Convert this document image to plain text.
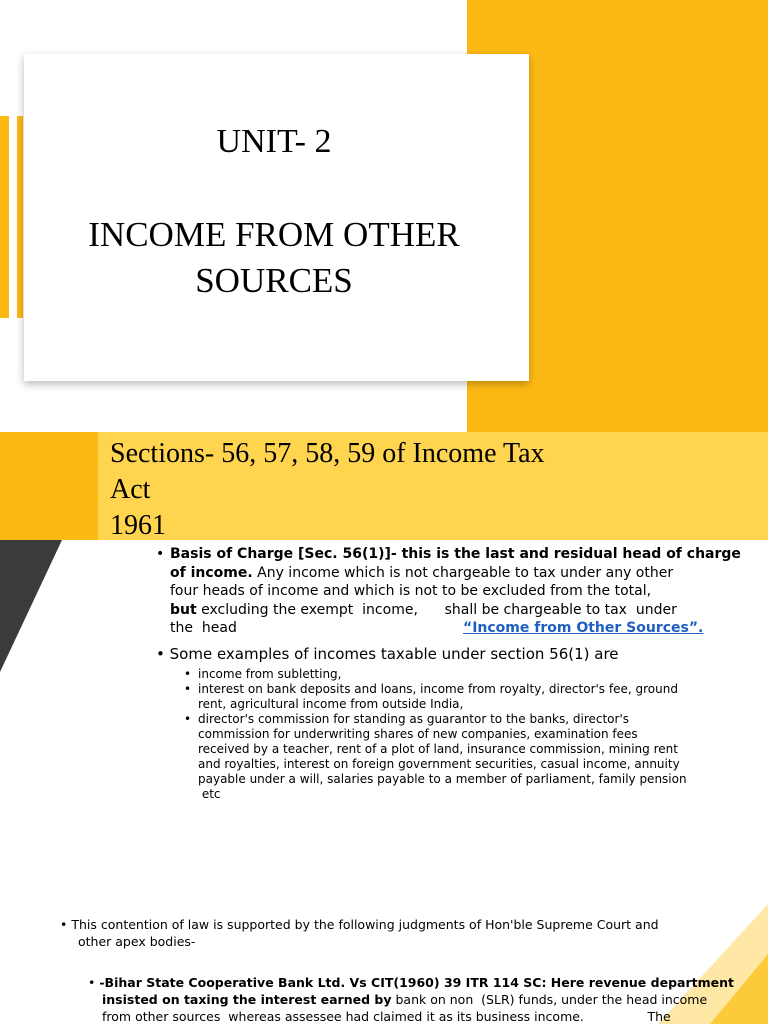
UNIT- 2
INCOME FROM OTHER
SOURCES
Sections- 56, 57, 58, 59 of Income Tax
Act
1961
• Basis of Charge [Sec. 56(1)]- this is the last and residual head of charge
of income. Any income which is not chargeable to tax under any other
four heads of income and which is not to be excluded from the total,
but excluding the exempt  income,      shall be chargeable to tax  under
the  head	“Income from Other Sources”.
• Some examples of incomes taxable under section 56(1) are
• income from subletting,
• interest on bank deposits and loans, income from royalty, director's fee, ground
rent, agricultural income from outside India,
• director's commission for standing as guarantor to the banks, director's
commission for underwriting shares of new companies, examination fees
received by a teacher, rent of a plot of land, insurance commission, mining rent
and royalties, interest on foreign government securities, casual income, annuity
payable under a will, salaries payable to a member of parliament, family pension
etc
• This contention of law is supported by the following judgments of Hon'ble Supreme Court and
other apex bodies-
• -Bihar State Cooperative Bank Ltd. Vs CIT(1960) 39 ITR 114 SC: Here revenue department
insisted on taxing the interest earned by bank on non  (SLR) funds, under the head income
from other sources  whereas assessee had claimed it as its business income.                The
